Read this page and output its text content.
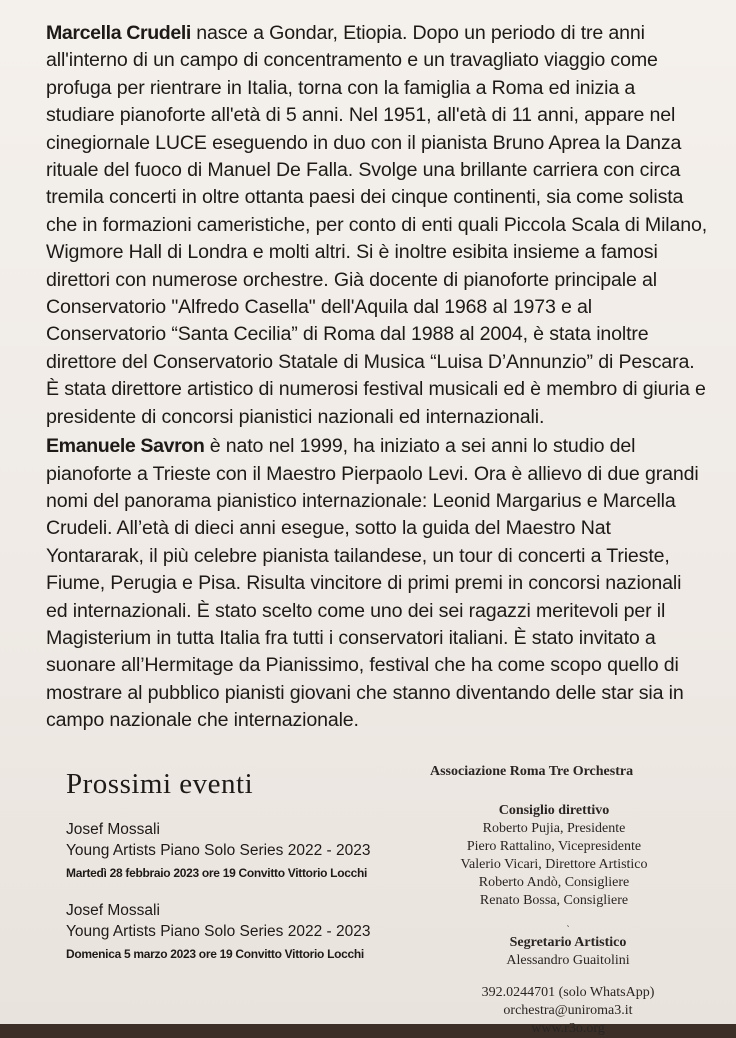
Marcella Crudeli nasce a Gondar, Etiopia. Dopo un periodo di tre anni all'interno di un campo di concentramento e un travagliato viaggio come profuga per rientrare in Italia, torna con la famiglia a Roma ed inizia a studiare pianoforte all'età di 5 anni. Nel 1951, all'età di 11 anni, appare nel cinegiornale LUCE eseguendo in duo con il pianista Bruno Aprea la Danza rituale del fuoco di Manuel De Falla. Svolge una brillante carriera con circa tremila concerti in oltre ottanta paesi dei cinque continenti, sia come solista che in formazioni cameristiche, per conto di enti quali Piccola Scala di Milano, Wigmore Hall di Londra e molti altri. Si è inoltre esibita insieme a famosi direttori con numerose orchestre. Già docente di pianoforte principale al Conservatorio "Alfredo Casella" dell'Aquila dal 1968 al 1973 e al Conservatorio “Santa Cecilia” di Roma dal 1988 al 2004, è stata inoltre direttore del Conservatorio Statale di Musica “Luisa D’Annunzio” di Pescara. È stata direttore artistico di numerosi festival musicali ed è membro di giuria e presidente di concorsi pianistici nazionali ed internazionali.

Emanuele Savron è nato nel 1999, ha iniziato a sei anni lo studio del pianoforte a Trieste con il Maestro Pierpaolo Levi. Ora è allievo di due grandi nomi del panorama pianistico internazionale: Leonid Margarius e Marcella Crudeli. All’età di dieci anni esegue, sotto la guida del Maestro Nat Yontararak, il più celebre pianista tailandese, un tour di concerti a Trieste, Fiume, Perugia e Pisa. Risulta vincitore di primi premi in concorsi nazionali ed internazionali. È stato scelto come uno dei sei ragazzi meritevoli per il Magisterium in tutta Italia fra tutti i conservatori italiani. È stato invitato a suonare all’Hermitage da Pianissimo, festival che ha come scopo quello di mostrare al pubblico pianisti giovani che stanno diventando delle star sia in campo nazionale che internazionale.

Prossimi eventi
Josef Mossali
Young Artists Piano Solo Series 2022 - 2023
Martedì 28 febbraio 2023 ore 19 Convitto Vittorio Locchi
Josef Mossali
Young Artists Piano Solo Series 2022 - 2023
Domenica 5 marzo 2023 ore 19 Convitto Vittorio Locchi
Associazione Roma Tre Orchestra
Consiglio direttivo
Roberto Pujia, Presidente
Piero Rattalino, Vicepresidente
Valerio Vicari, Direttore Artistico
Roberto Andò, Consigliere
Renato Bossa, Consigliere
`
Segretario Artistico
Alessandro Guaitolini
392.0244701 (solo WhatsApp)
orchestra@uniroma3.it
www.r3o.org
